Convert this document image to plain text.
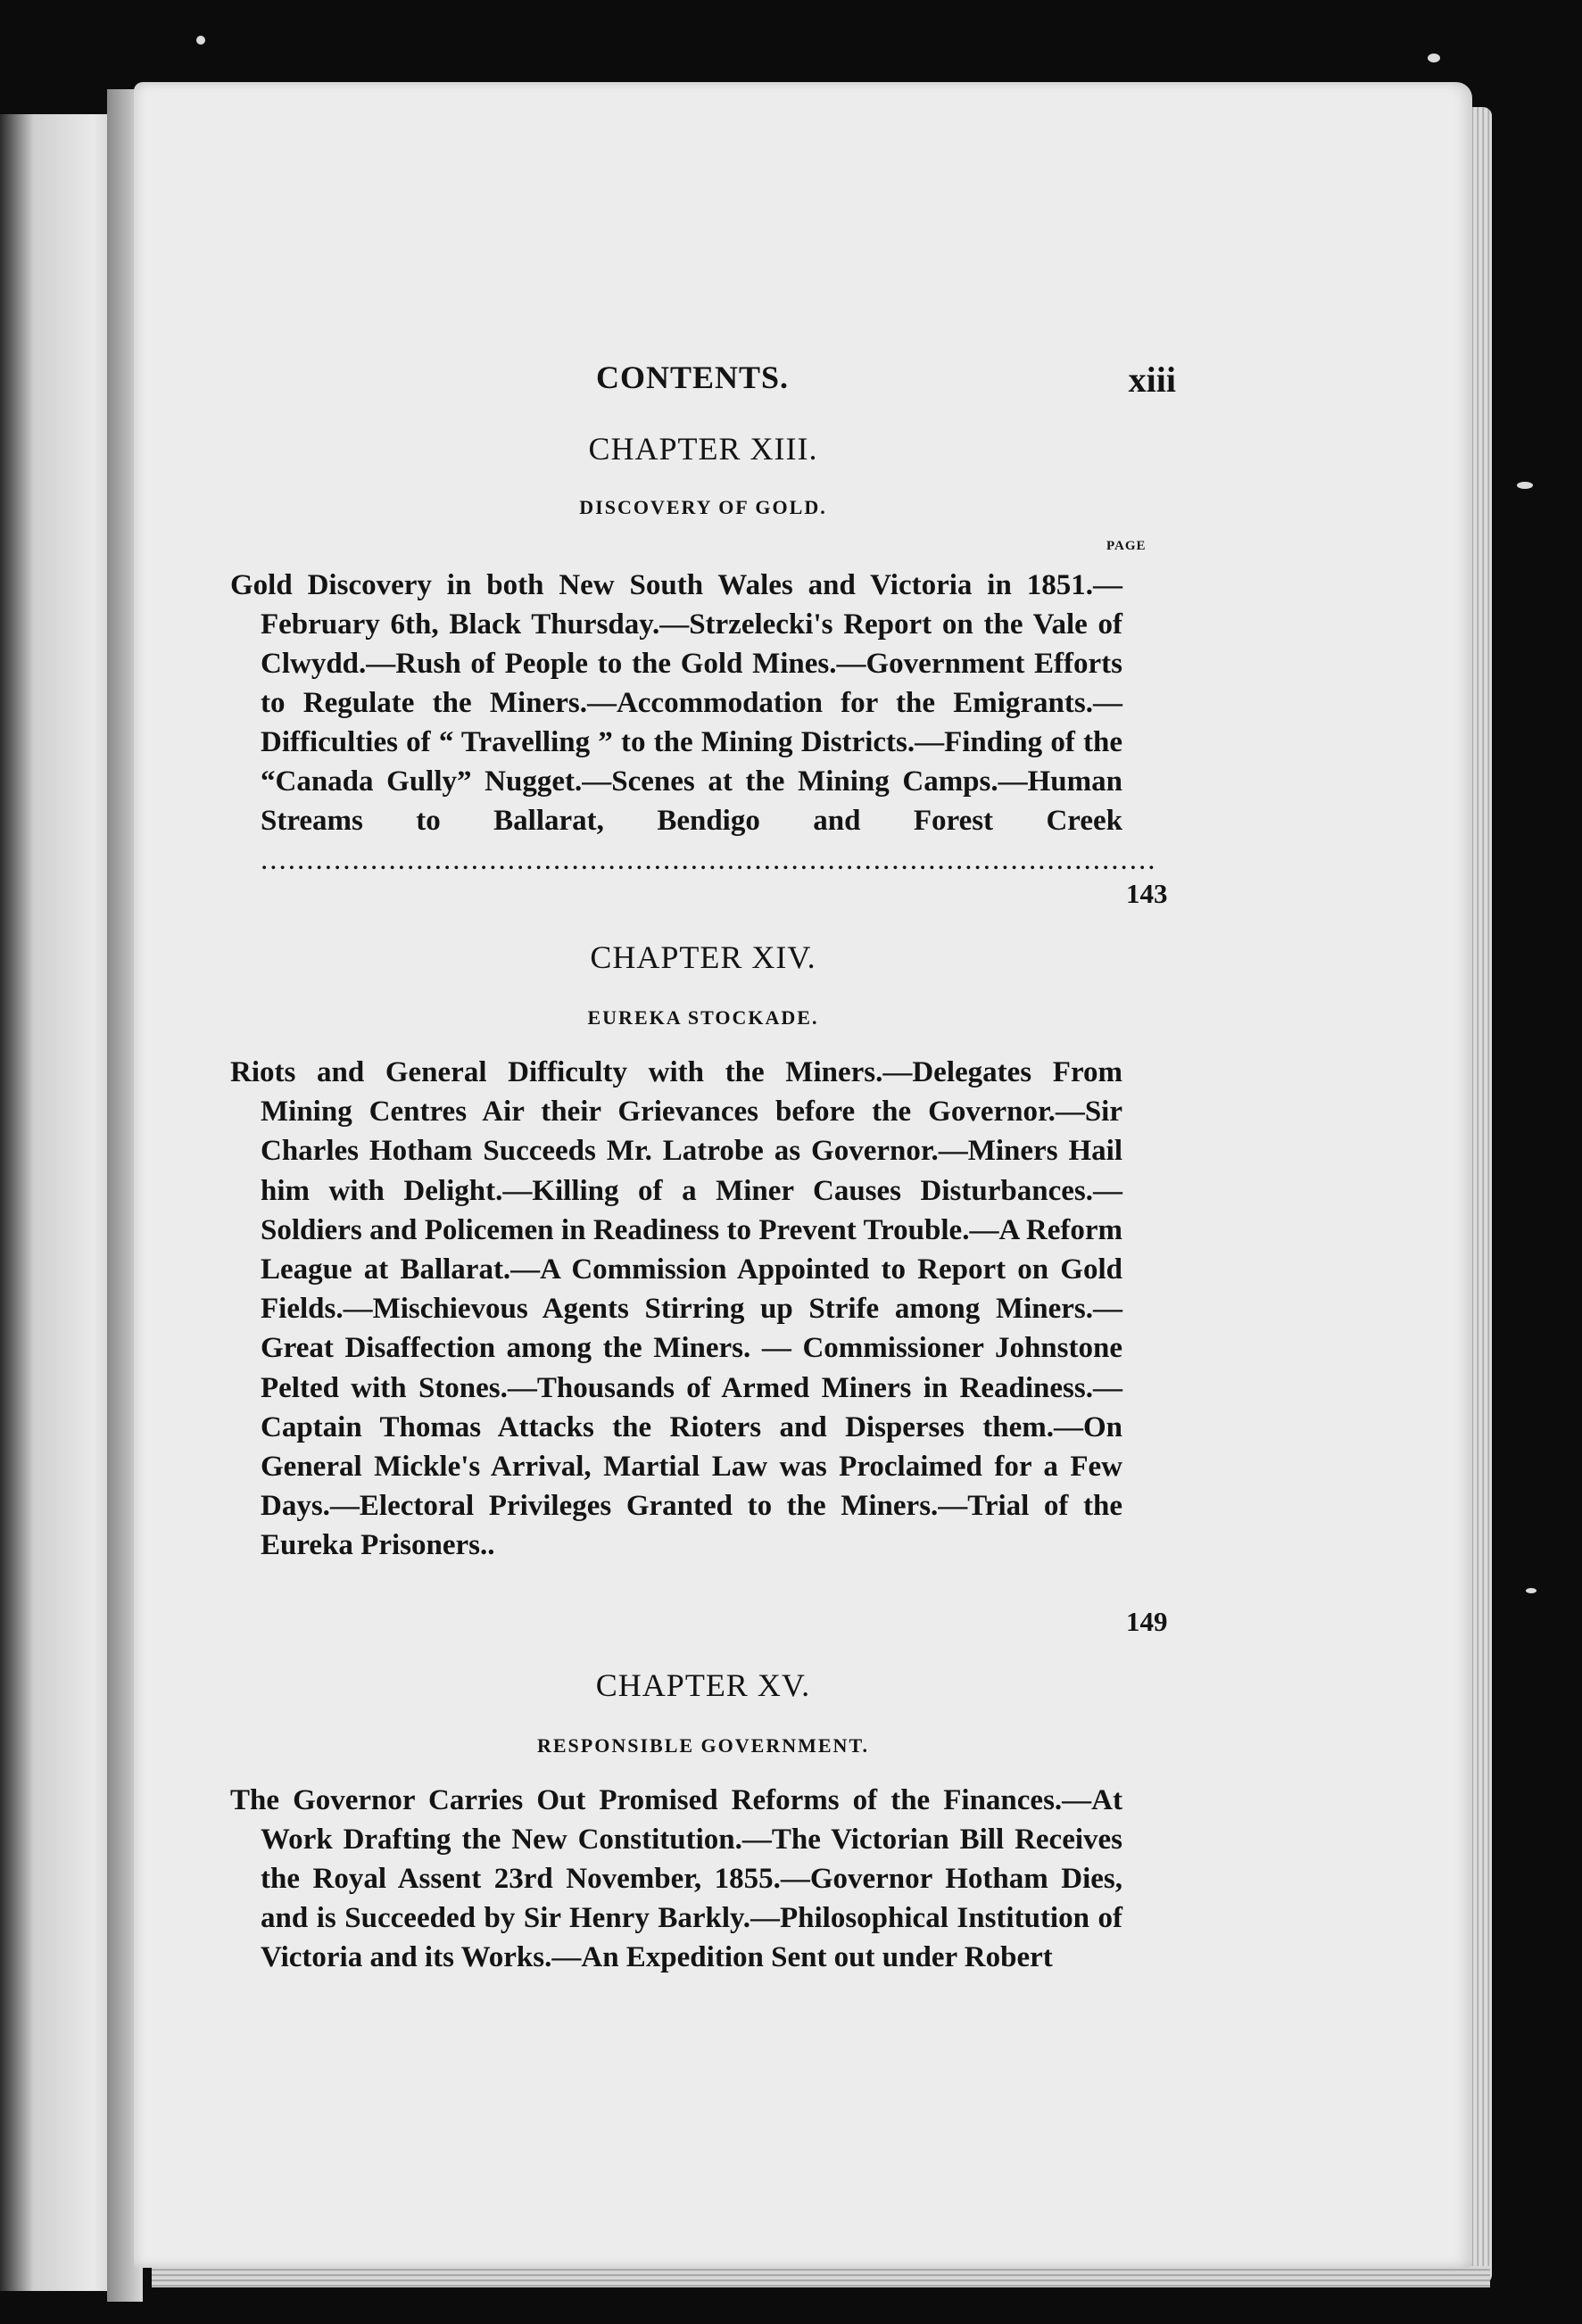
CONTENTS.	xiii
CHAPTER XIII.
DISCOVERY OF GOLD.
PAGE
Gold Discovery in both New South Wales and Victoria in 1851.—February 6th, Black Thursday.—Strzelecki's Report on the Vale of Clwydd.—Rush of People to the Gold Mines.—Government Efforts to Regulate the Miners.—Accommodation for the Emigrants.—Difficulties of “ Travelling ” to the Mining Districts.—Finding of the “Canada Gully” Nugget.—Scenes at the Mining Camps.—Human Streams to Ballarat, Bendigo and Forest Creek ..................................................................................................
143
CHAPTER XIV.
EUREKA STOCKADE.
Riots and General Difficulty with the Miners.—Delegates From Mining Centres Air their Grievances before the Governor.—Sir Charles Hotham Succeeds Mr. Latrobe as Governor.—Miners Hail him with Delight.—Killing of a Miner Causes Disturbances.—Soldiers and Policemen in Readiness to Prevent Trouble.—A Reform League at Ballarat.—A Commission Appointed to Report on Gold Fields.—Mischievous Agents Stirring up Strife among Miners.—Great Disaffection among the Miners. — Commissioner Johnstone Pelted with Stones.—Thousands of Armed Miners in Readiness.—Captain Thomas Attacks the Rioters and Disperses them.—On General Mickle's Arrival, Martial Law was Proclaimed for a Few Days.—Electoral Privileges Granted to the Miners.—Trial of the Eureka Prisoners..
149
CHAPTER XV.
RESPONSIBLE GOVERNMENT.
The Governor Carries Out Promised Reforms of the Finances.—At Work Drafting the New Constitution.—The Victorian Bill Receives the Royal Assent 23rd November, 1855.—Governor Hotham Dies, and is Succeeded by Sir Henry Barkly.—Philosophical Institution of Victoria and its Works.—An Expedition Sent out under Robert
